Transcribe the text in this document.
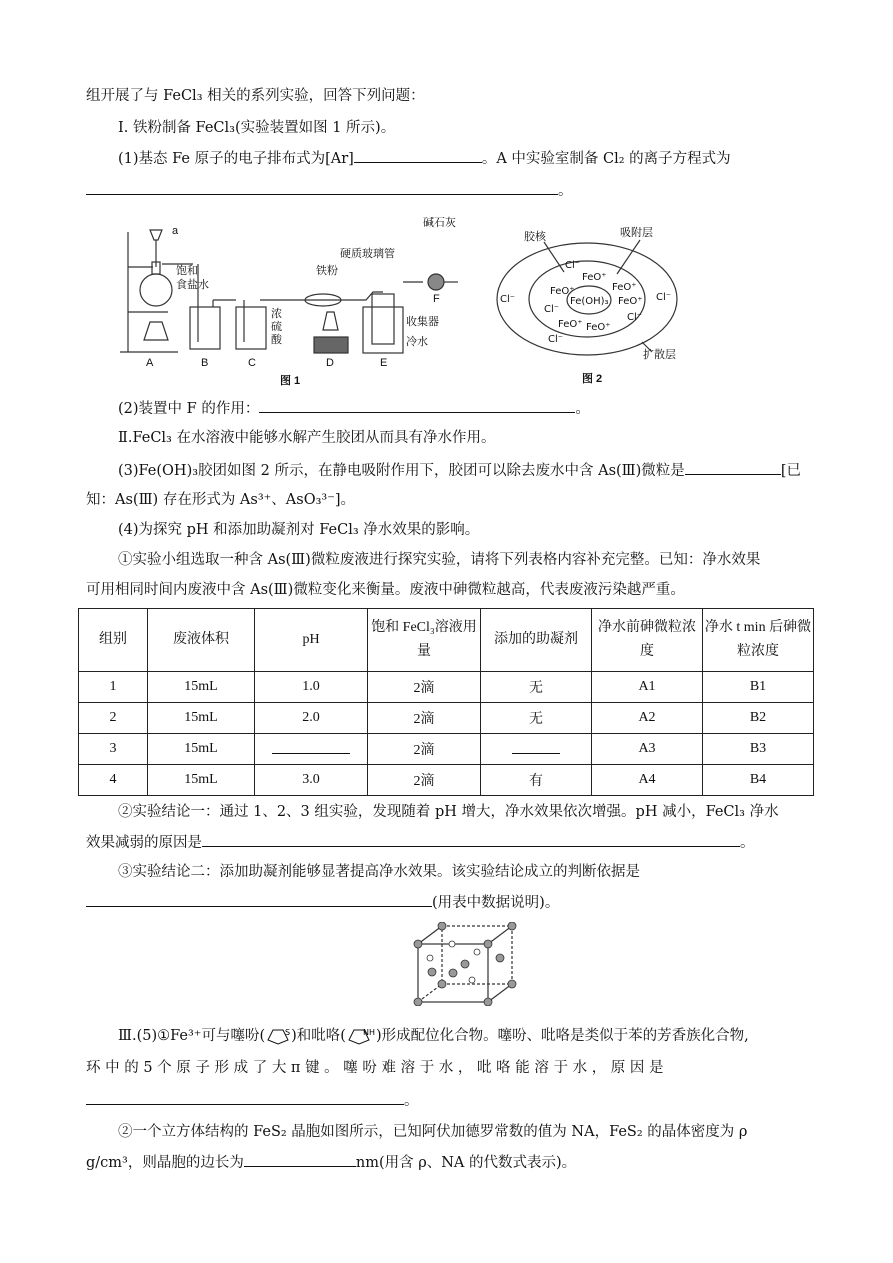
组开展了与 FeCl₃ 相关的系列实验，回答下列问题：
Ⅰ. 铁粉制备 FeCl₃(实验装置如图 1 所示)。
(1)基态 Fe 原子的电子排布式为[Ar]	。A 中实验室制备 Cl₂ 的离子方程式为
。
a
饱和
食盐水
浓
硫
酸
铁粉
硬质玻璃管
碱石灰
收集器
冷水
A	B	C	D	E
F
图 1
胶核	吸附层
扩散层
Fe(OH)₃
FeO⁺
FeO⁺
FeO⁺
FeO⁺
FeO⁺ FeO⁺
Cl⁻
Cl⁻
Cl⁻
Cl⁻
Cl⁻
Cl⁻
图 2
(2)装置中 F 的作用：	。
Ⅱ.FeCl₃ 在水溶液中能够水解产生胶团从而具有净水作用。
(3)Fe(OH)₃胶团如图 2 所示，在静电吸附作用下，胶团可以除去废水中含 As(Ⅲ)微粒是	[已
知：As(Ⅲ) 存在形式为 As³⁺、AsO₃³⁻]。
(4)为探究 pH 和添加助凝剂对 FeCl₃ 净水效果的影响。
①实验小组选取一种含 As(Ⅲ)微粒废液进行探究实验，请将下列表格内容补充完整。已知：净水效果
可用相同时间内废液中含 As(Ⅲ)微粒变化来衡量。废液中砷微粒越高，代表废液污染越严重。
组别	废液体积	pH	饱和 FeCl₃溶液用量	添加的助凝剂	净水前砷微粒浓度	净水 t min 后砷微粒浓度
1	15mL	1.0	2滴	无	A1	B1
2	15mL	2.0	2滴	无	A2	B2
3	15mL		2滴		A3	B3
4	15mL	3.0	2滴	有	A4	B4
②实验结论一：通过 1、2、3 组实验，发现随着 pH 增大，净水效果依次增强。pH 减小，FeCl₃ 净水
效果减弱的原因是	。
③实验结论二：添加助凝剂能够显著提高净水效果。该实验结论成立的判断依据是
(用表中数据说明)。
Ⅲ.(5)①Fe³⁺可与噻吩(	S )和吡咯( NH )形成配位化合物。噻吩、吡咯是类似于苯的芳香族化合物,
环 中 的 5 个 原 子 形 成 了 大 π 键 。 噻 吩 难 溶 于 水 ， 吡 咯 能 溶 于 水 ， 原 因 是
。
②一个立方体结构的 FeS₂ 晶胞如图所示，已知阿伏加德罗常数的值为 NA，FeS₂ 的晶体密度为 ρ
g/cm³，则晶胞的边长为	nm(用含 ρ、NA 的代数式表示)。
